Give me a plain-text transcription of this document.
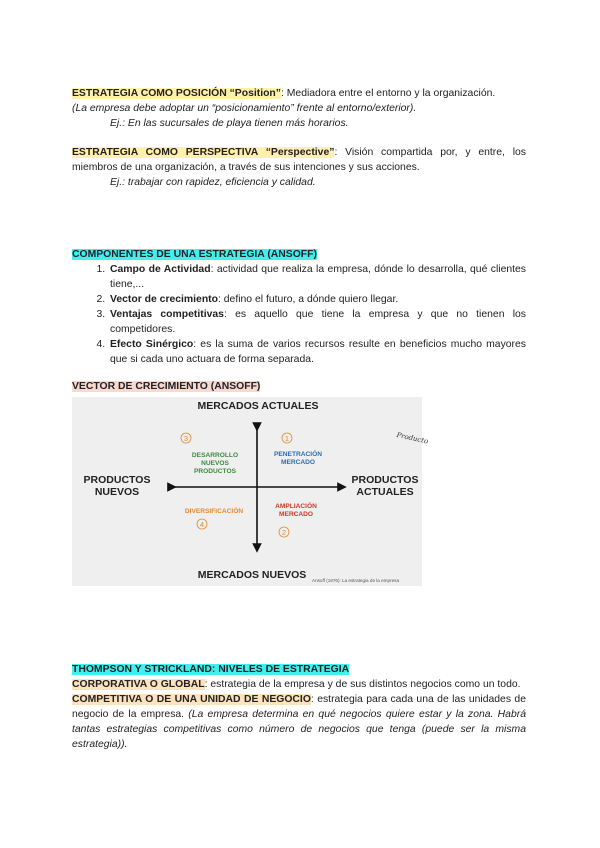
ESTRATEGIA COMO POSICIÓN “Position”: Mediadora entre el entorno y la organización.
(La empresa debe adoptar un “posicionamiento” frente al entorno/exterior).
Ej.: En las sucursales de playa tienen más horarios.
ESTRATEGIA COMO PERSPECTIVA “Perspective”: Visión compartida por, y entre, los miembros de una organización, a través de sus intenciones y sus acciones.
Ej.: trabajar con rapidez, eficiencia y calidad.
COMPONENTES DE UNA ESTRATEGIA (ANSOFF)
1. Campo de Actividad: actividad que realiza la empresa, dónde lo desarrolla, qué clientes tiene,...
2. Vector de crecimiento: defino el futuro, a dónde quiero llegar.
3. Ventajas competitivas: es aquello que tiene la empresa y que no tienen los competidores.
4. Efecto Sinérgico: es la suma de varios recursos resulte en beneficios mucho mayores que si cada uno actuara de forma separada.
VECTOR DE CRECIMIENTO (ANSOFF)
MERCADOS ACTUALES
MERCADOS NUEVOS
PRODUCTOS
NUEVOS
PRODUCTOS
ACTUALES
DESARROLLO
NUEVOS
PRODUCTOS
PENETRACIÓN
MERCADO
DIVERSIFICACIÓN
AMPLIACIÓN
MERCADO
3	1
4
2
Producto
Ansoff (1976): La estrategia de la empresa
THOMPSON Y STRICKLAND: NIVELES DE ESTRATEGIA
CORPORATIVA O GLOBAL: estrategia de la empresa y de sus distintos negocios como un todo.
COMPETITIVA O DE UNA UNIDAD DE NEGOCIO: estrategia para cada una de las unidades de negocio de la empresa. (La empresa determina en qué negocios quiere estar y la zona. Habrá tantas estrategias competitivas como número de negocios que tenga (puede ser la misma estrategia)).
